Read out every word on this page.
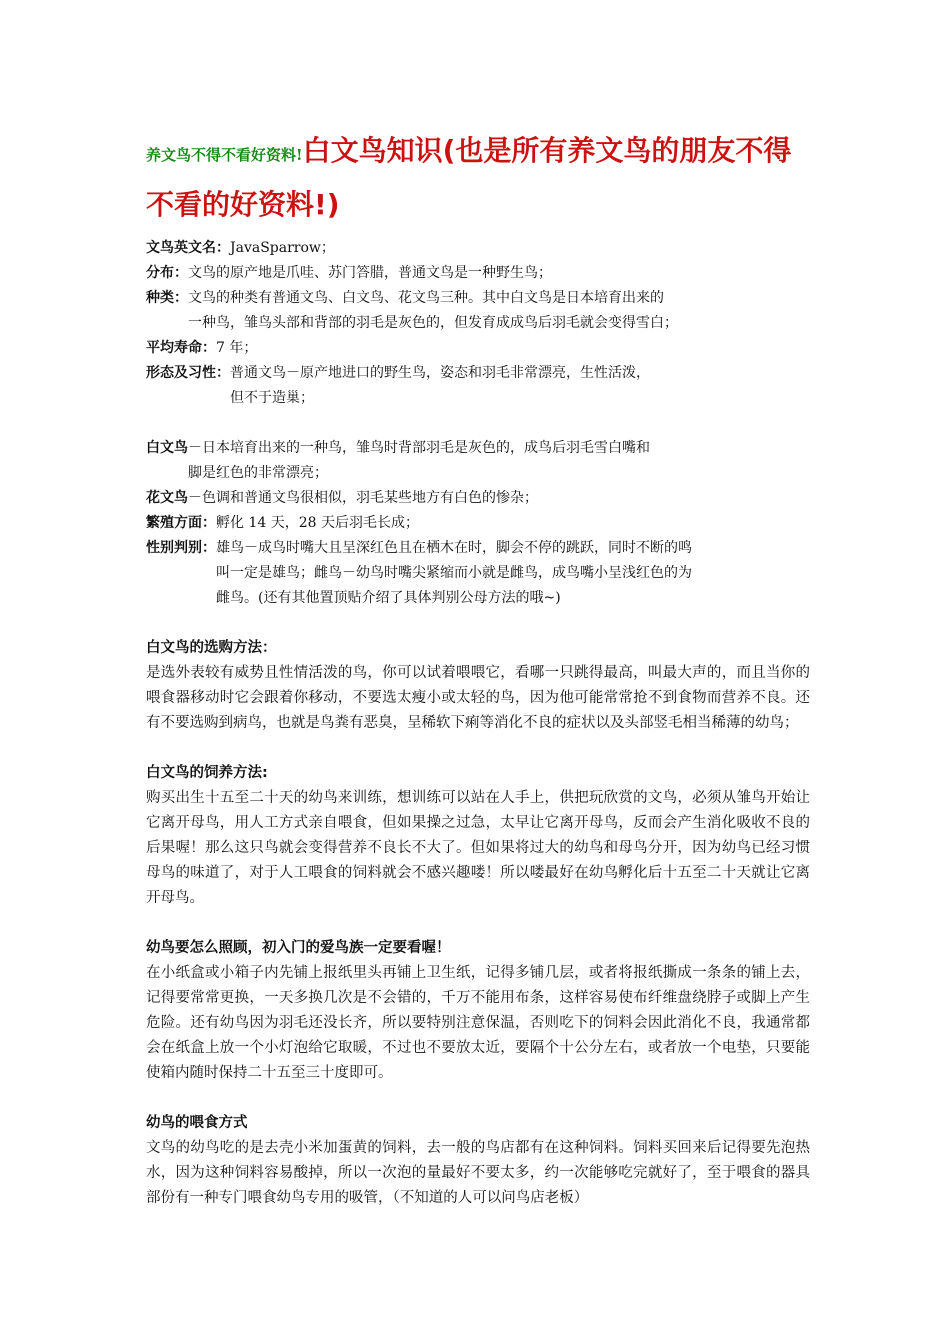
养文鸟不得不看好资料!白文鸟知识(也是所有养文鸟的朋友不得不看的好资料!)
文鸟英文名： JavaSparrow；
分布： 文鸟的原产地是爪哇、苏门答腊，普通文鸟是一种野生鸟；
种类： 文鸟的种类有普通文鸟、白文鸟、花文鸟三种。其中白文鸟是日本培育出来的
一种鸟，雏鸟头部和背部的羽毛是灰色的，但发育成成鸟后羽毛就会变得雪白；
平均寿命： 7 年；
形态及习性： 普通文鸟－原产地进口的野生鸟，姿态和羽毛非常漂亮，生性活泼，
但不于造巢；
白文鸟 －日本培育出来的一种鸟，雏鸟时背部羽毛是灰色的，成鸟后羽毛雪白嘴和
脚是红色的非常漂亮；
花文鸟 －色调和普通文鸟很相似，羽毛某些地方有白色的惨杂；
繁殖方面： 孵化 14 天，28 天后羽毛长成；
性别判别： 雄鸟－成鸟时嘴大且呈深红色且在栖木在时，脚会不停的跳跃，同时不断的鸣
叫一定是雄鸟；雌鸟－幼鸟时嘴尖紧缩而小就是雌鸟，成鸟嘴小呈浅红色的为
雌鸟。(还有其他置顶贴介绍了具体判别公母方法的哦~)
白文鸟的选购方法：
是选外表较有威势且性情活泼的鸟，你可以试着喂喂它，看哪一只跳得最高，叫最大声的，而且当你的喂食器移动时它会跟着你移动，不要选太瘦小或太轻的鸟，因为他可能常常抢不到食物而营养不良。还有不要选购到病鸟，也就是鸟粪有恶臭，呈稀软下痢等消化不良的症状以及头部竖毛相当稀薄的幼鸟；
白文鸟的饲养方法:
购买出生十五至二十天的幼鸟来训练，想训练可以站在人手上，供把玩欣赏的文鸟，必须从雏鸟开始让它离开母鸟，用人工方式亲自喂食，但如果操之过急，太早让它离开母鸟，反而会产生消化吸收不良的后果喔！那么这只鸟就会变得营养不良长不大了。但如果将过大的幼鸟和母鸟分开，因为幼鸟已经习惯母鸟的味道了，对于人工喂食的饲料就会不感兴趣喽！所以喽最好在幼鸟孵化后十五至二十天就让它离开母鸟。
幼鸟要怎么照顾，初入门的爱鸟族一定要看喔！
在小纸盒或小箱子内先铺上报纸里头再铺上卫生纸，记得多铺几层，或者将报纸撕成一条条的铺上去，记得要常常更换，一天多换几次是不会错的，千万不能用布条，这样容易使布纤维盘绕脖子或脚上产生危险。还有幼鸟因为羽毛还没长齐，所以要特别注意保温，否则吃下的饲料会因此消化不良，我通常都会在纸盒上放一个小灯泡给它取暖，不过也不要放太近，要隔个十公分左右，或者放一个电垫，只要能使箱内随时保持二十五至三十度即可。
幼鸟的喂食方式
文鸟的幼鸟吃的是去壳小米加蛋黄的饲料，去一般的鸟店都有在这种饲料。饲料买回来后记得要先泡热水，因为这种饲料容易酸掉，所以一次泡的量最好不要太多，约一次能够吃完就好了，至于喂食的器具部份有一种专门喂食幼鸟专用的吸管，（不知道的人可以问鸟店老板）
